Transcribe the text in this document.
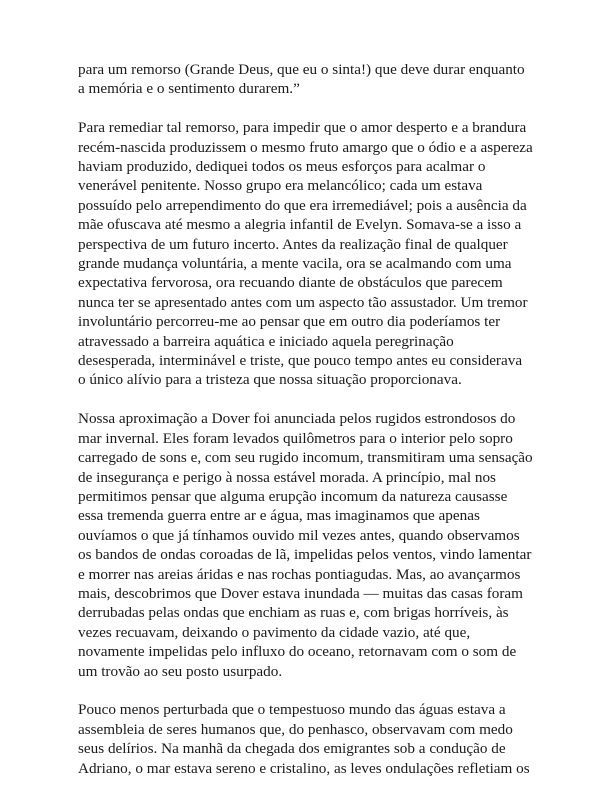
para um remorso (Grande Deus, que eu o sinta!) que deve durar enquanto a memória e o sentimento durarem.”

Para remediar tal remorso, para impedir que o amor desperto e a brandura recém-nascida produzissem o mesmo fruto amargo que o ódio e a aspereza haviam produzido, dediquei todos os meus esforços para acalmar o venerável penitente. Nosso grupo era melancólico; cada um estava possuído pelo arrependimento do que era irremediável; pois a ausência da mãe ofuscava até mesmo a alegria infantil de Evelyn. Somava-se a isso a perspectiva de um futuro incerto. Antes da realização final de qualquer grande mudança voluntária, a mente vacila, ora se acalmando com uma expectativa fervorosa, ora recuando diante de obstáculos que parecem nunca ter se apresentado antes com um aspecto tão assustador. Um tremor involuntário percorreu-me ao pensar que em outro dia poderíamos ter atravessado a barreira aquática e iniciado aquela peregrinação desesperada, interminável e triste, que pouco tempo antes eu considerava o único alívio para a tristeza que nossa situação proporcionava.

Nossa aproximação a Dover foi anunciada pelos rugidos estrondosos do mar invernal. Eles foram levados quilômetros para o interior pelo sopro carregado de sons e, com seu rugido incomum, transmitiram uma sensação de insegurança e perigo à nossa estável morada. A princípio, mal nos permitimos pensar que alguma erupção incomum da natureza causasse essa tremenda guerra entre ar e água, mas imaginamos que apenas ouvíamos o que já tínhamos ouvido mil vezes antes, quando observamos os bandos de ondas coroadas de lã, impelidas pelos ventos, vindo lamentar e morrer nas areias áridas e nas rochas pontiagudas. Mas, ao avançarmos mais, descobrimos que Dover estava inundada — muitas das casas foram derrubadas pelas ondas que enchiam as ruas e, com brigas horríveis, às vezes recuavam, deixando o pavimento da cidade vazio, até que, novamente impelidas pelo influxo do oceano, retornavam com o som de um trovão ao seu posto usurpado.

Pouco menos perturbada que o tempestuoso mundo das águas estava a assembleia de seres humanos que, do penhasco, observavam com medo seus delírios. Na manhã da chegada dos emigrantes sob a condução de Adriano, o mar estava sereno e cristalino, as leves ondulações refletiam os
